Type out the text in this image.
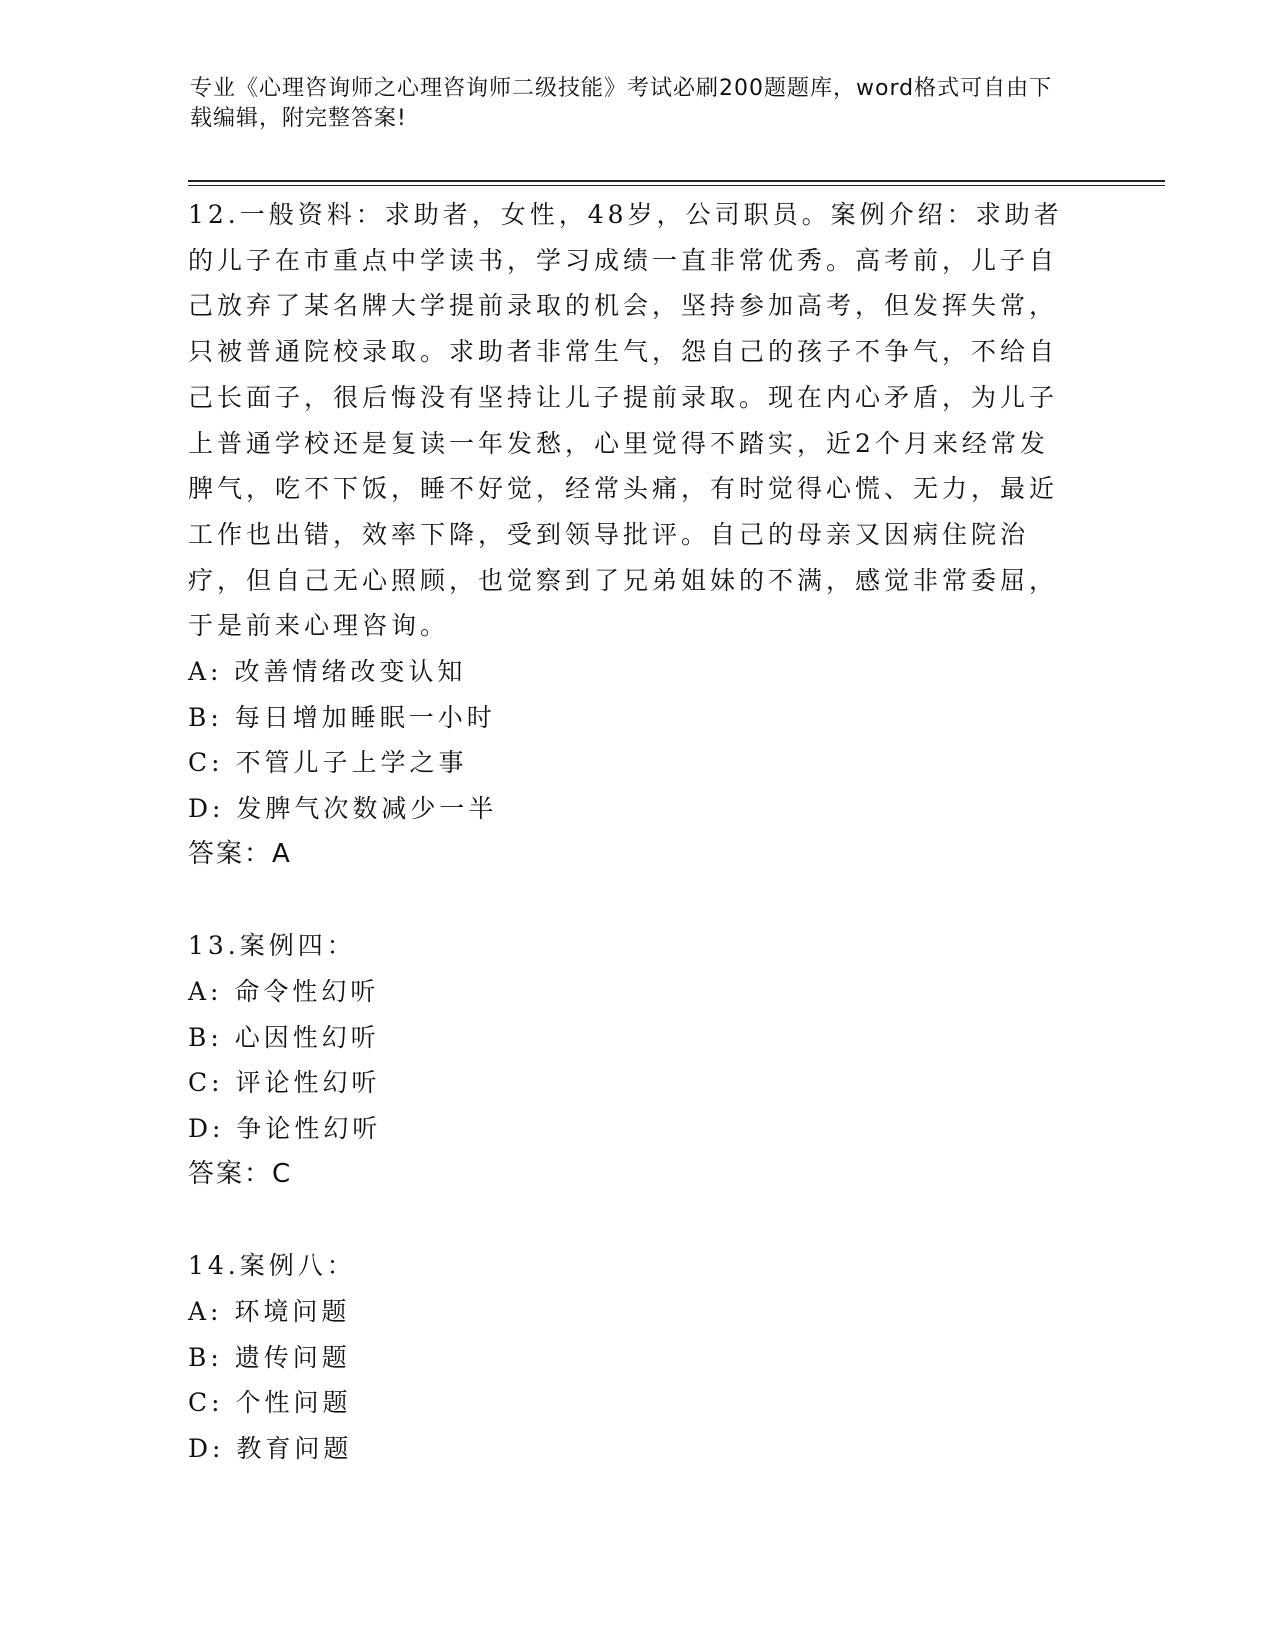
专业《心理咨询师之心理咨询师二级技能》考试必刷200题题库，word格式可自由下载编辑，附完整答案!

12.一般资料：求助者，女性，48岁，公司职员。案例介绍：求助者的儿子在市重点中学读书，学习成绩一直非常优秀。高考前，儿子自己放弃了某名牌大学提前录取的机会，坚持参加高考，但发挥失常，只被普通院校录取。求助者非常生气，怨自己的孩子不争气，不给自己长面子，很后悔没有坚持让儿子提前录取。现在内心矛盾，为儿子上普通学校还是复读一年发愁，心里觉得不踏实，近2个月来经常发脾气，吃不下饭，睡不好觉，经常头痛，有时觉得心慌、无力，最近工作也出错，效率下降，受到领导批评。自己的母亲又因病住院治疗，但自己无心照顾，也觉察到了兄弟姐妹的不满，感觉非常委屈，于是前来心理咨询。

A: 改善情绪改变认知

B: 每日增加睡眠一小时

C: 不管儿子上学之事

D: 发脾气次数减少一半

答案：A

13.案例四：

A: 命令性幻听

B: 心因性幻听

C: 评论性幻听

D: 争论性幻听

答案：C

14.案例八：

A: 环境问题

B: 遗传问题

C: 个性问题

D: 教育问题
